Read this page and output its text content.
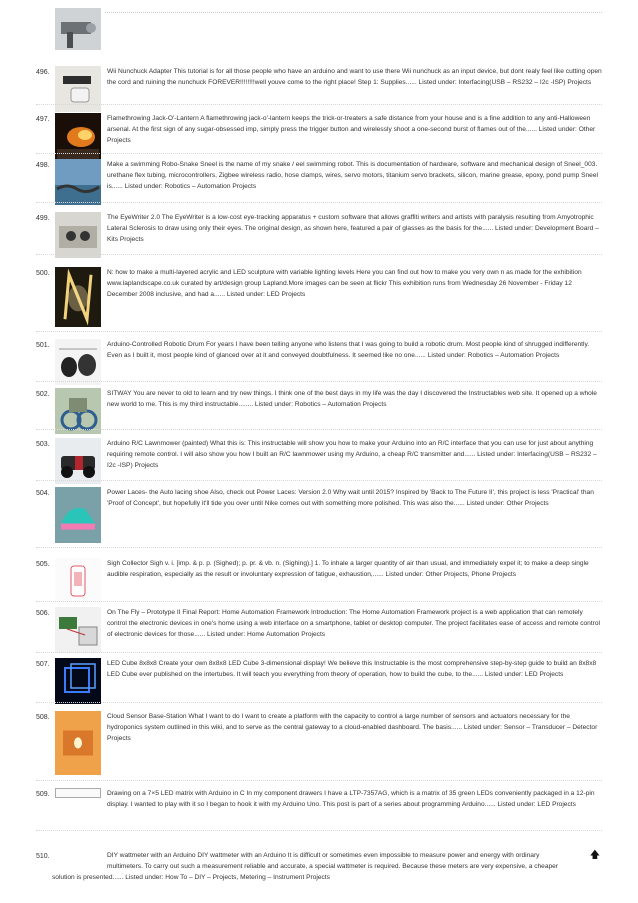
496.	Wii Nunchuck Adapter This tutorial is for all those people who have an arduino and want to use there Wii nunchuck as an input device, but dont realy feel like cutting open the cord and ruining the nunchuck FOREVER!!!!!!!!well youve come to the right place! Step 1: Supplies...... Listed under: Interfacing(USB – RS232 – I2c -ISP) Projects
497.	Flamethrowing Jack-O'-Lantern A flamethrowing jack-o'-lantern keeps the trick-or-treaters a safe distance from your house and is a fine addition to any anti-Halloween arsenal. At the first sign of any sugar-obsessed imp, simply press the trigger button and wirelessly shoot a one-second burst of flames out of the...... Listed under: Other Projects
498.	Make a swimming Robo-Snake Sneel is the name of my snake / eel swimming robot. This is documentation of hardware, software and mechanical design of Sneel_003. urethane flex tubing, microcontrollers, Zigbee wireless radio, hose clamps, wires, servo motors, titanium servo brackets, silicon, marine grease, epoxy, pond pump Sneel is...... Listed under: Robotics – Automation Projects
499.	The EyeWriter 2.0 The EyeWriter is a low-cost eye-tracking apparatus + custom software that allows graffiti writers and artists with paralysis resulting from Amyotrophic Lateral Sclerosis to draw using only their eyes. The original design, as shown here, featured a pair of glasses as the basis for the...... Listed under: Development Board – Kits Projects
500.	N: how to make a multi-layered acrylic and LED sculpture with variable lighting levels Here you can find out how to make you very own n as made for the exhibition www.laplandscape.co.uk curated by art/design group Lapland.More images can be seen at flickr This exhibition runs from Wednesday 26 November - Friday 12 December 2008 inclusive, and had a...... Listed under: LED Projects
501.	Arduino-Controlled Robotic Drum For years I have been telling anyone who listens that I was going to build a robotic drum. Most people kind of shrugged indifferently. Even as I built it, most people kind of glanced over at it and conveyed doubtfulness. It seemed like no one...... Listed under: Robotics – Automation Projects
502.	SITWAY You are never to old to learn and try new things. I think one of the best days in my life was the day I discovered the Instructables web site. It opened up a whole new world to me. This is my third instructable........ Listed under: Robotics – Automation Projects
503.	Arduino R/C Lawnmower (painted) What this is: This instructable will show you how to make your Arduino into an R/C interface that you can use for just about anything requiring remote control. I will also show you how I built an R/C lawnmower using my Arduino, a cheap R/C transmitter and...... Listed under: Interfacing(USB – RS232 – I2c -ISP) Projects
504.	Power Laces- the Auto lacing shoe Also, check out Power Laces: Version 2.0 Why wait until 2015? Inspired by 'Back to The Future II', this project is less 'Practical' than 'Proof of Concept', but hopefully it'll tide you over until Nike comes out with something more polished. This was also the...... Listed under: Other Projects
505.	Sigh Collector Sigh v. i. [imp. & p. p. (Sighed); p. pr. & vb. n. (Sighing).] 1. To inhale a larger quantity of air than usual, and immediately expel it; to make a deep single audible respiration, especially as the result or involuntary expression of fatigue, exhaustion,...... Listed under: Other Projects, Phone Projects
506.	On The Fly – Prototype II Final Report: Home Automation Framework Introduction: The Home Automation Framework project is a web application that can remotely control the electronic devices in one's home using a web interface on a smartphone, tablet or desktop computer. The project facilitates ease of access and remote control of electronic devices for those...... Listed under: Home Automation Projects
507.	LED Cube 8x8x8 Create your own 8x8x8 LED Cube 3-dimensional display! We believe this Instructable is the most comprehensive step-by-step guide to build an 8x8x8 LED Cube ever published on the intertubes. It will teach you everything from theory of operation, how to build the cube, to the...... Listed under: LED Projects
508.	Cloud Sensor Base-Station What I want to do I want to create a platform with the capacity to control a large number of sensors and actuators necessary for the hydroponics system outlined in this wiki, and to serve as the central gateway to a cloud-enabled dashboard. The basis...... Listed under: Sensor – Transducer – Detector Projects
509.	Drawing on a 7×5 LED matrix with Arduino in C In my component drawers I have a LTP-7357AG, which is a matrix of 35 green LEDs conveniently packaged in a 12-pin display. I wanted to play with it so I began to hook it with my Arduino Uno. This post is part of a series about programming Arduino...... Listed under: LED Projects
510.	DIY wattmeter with an Arduino DIY wattmeter with an Arduino It is difficult or sometimes even impossible to measure power and energy with ordinary
multimeters. To carry out such a measurement reliable and accurate, a special wattmeter is required. Because these meters are very expensive, a cheaper
solution is presented...... Listed under: How To – DIY – Projects, Metering – Instrument Projects
🡅
